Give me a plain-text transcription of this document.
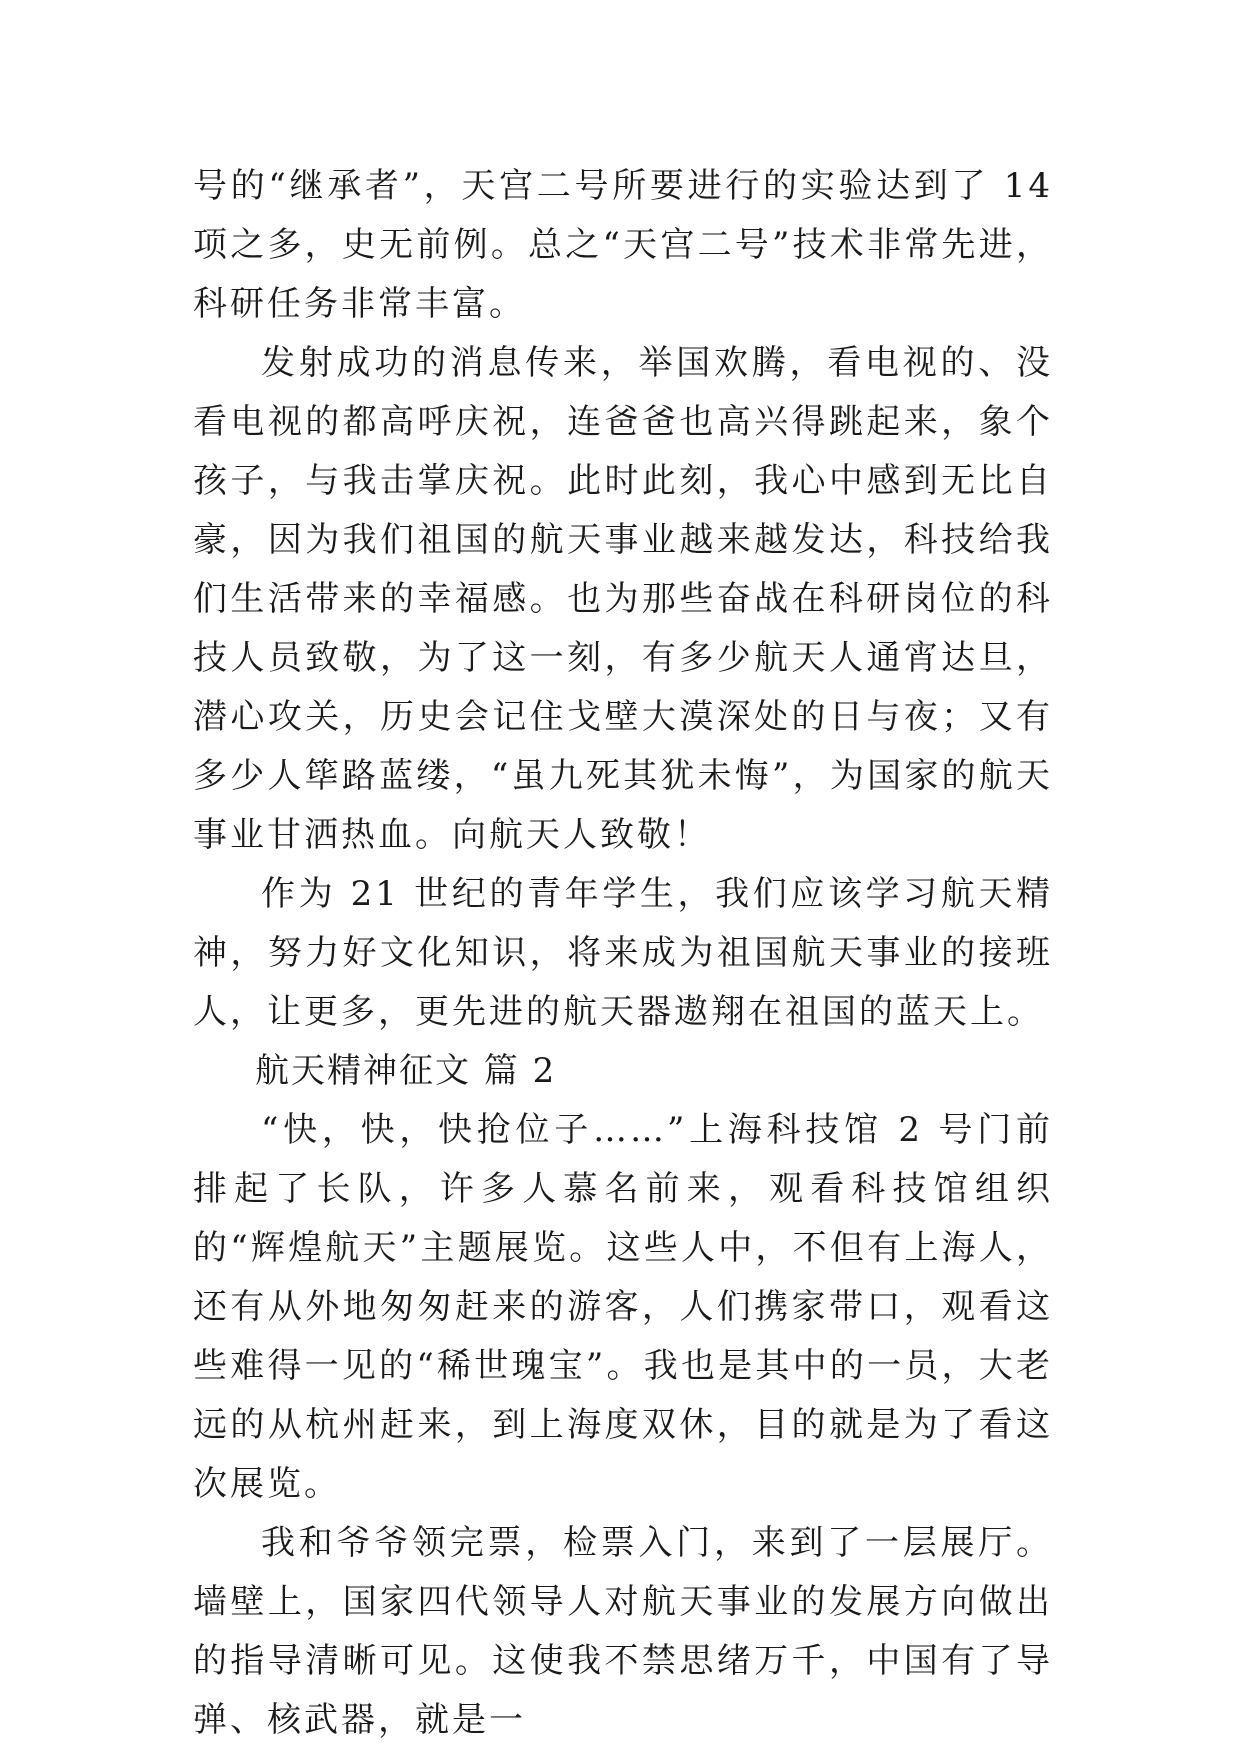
号的“继承者”，天宫二号所要进行的实验达到了 14 项之多，史无前例。总之“天宫二号”技术非常先进，科研任务非常丰富。

发射成功的消息传来，举国欢腾，看电视的、没看电视的都高呼庆祝，连爸爸也高兴得跳起来，象个孩子，与我击掌庆祝。此时此刻，我心中感到无比自豪，因为我们祖国的航天事业越来越发达，科技给我们生活带来的幸福感。也为那些奋战在科研岗位的科技人员致敬，为了这一刻，有多少航天人通宵达旦，潜心攻关，历史会记住戈壁大漠深处的日与夜；又有多少人筚路蓝缕，“虽九死其犹未悔”，为国家的航天事业甘洒热血。向航天人致敬！

作为 21 世纪的青年学生，我们应该学习航天精神，努力好文化知识，将来成为祖国航天事业的接班人，让更多，更先进的航天器遨翔在祖国的蓝天上。

航天精神征文 篇 2

“快，快，快抢位子……”上海科技馆 2 号门前排起了长队，许多人慕名前来，观看科技馆组织的“辉煌航天”主题展览。这些人中，不但有上海人，还有从外地匆匆赶来的游客，人们携家带口，观看这些难得一见的“稀世瑰宝”。我也是其中的一员，大老远的从杭州赶来，到上海度双休，目的就是为了看这次展览。

我和爷爷领完票，检票入门，来到了一层展厅。墙壁上，国家四代领导人对航天事业的发展方向做出的指导清晰可见。这使我不禁思绪万千，中国有了导弹、核武器，就是一
